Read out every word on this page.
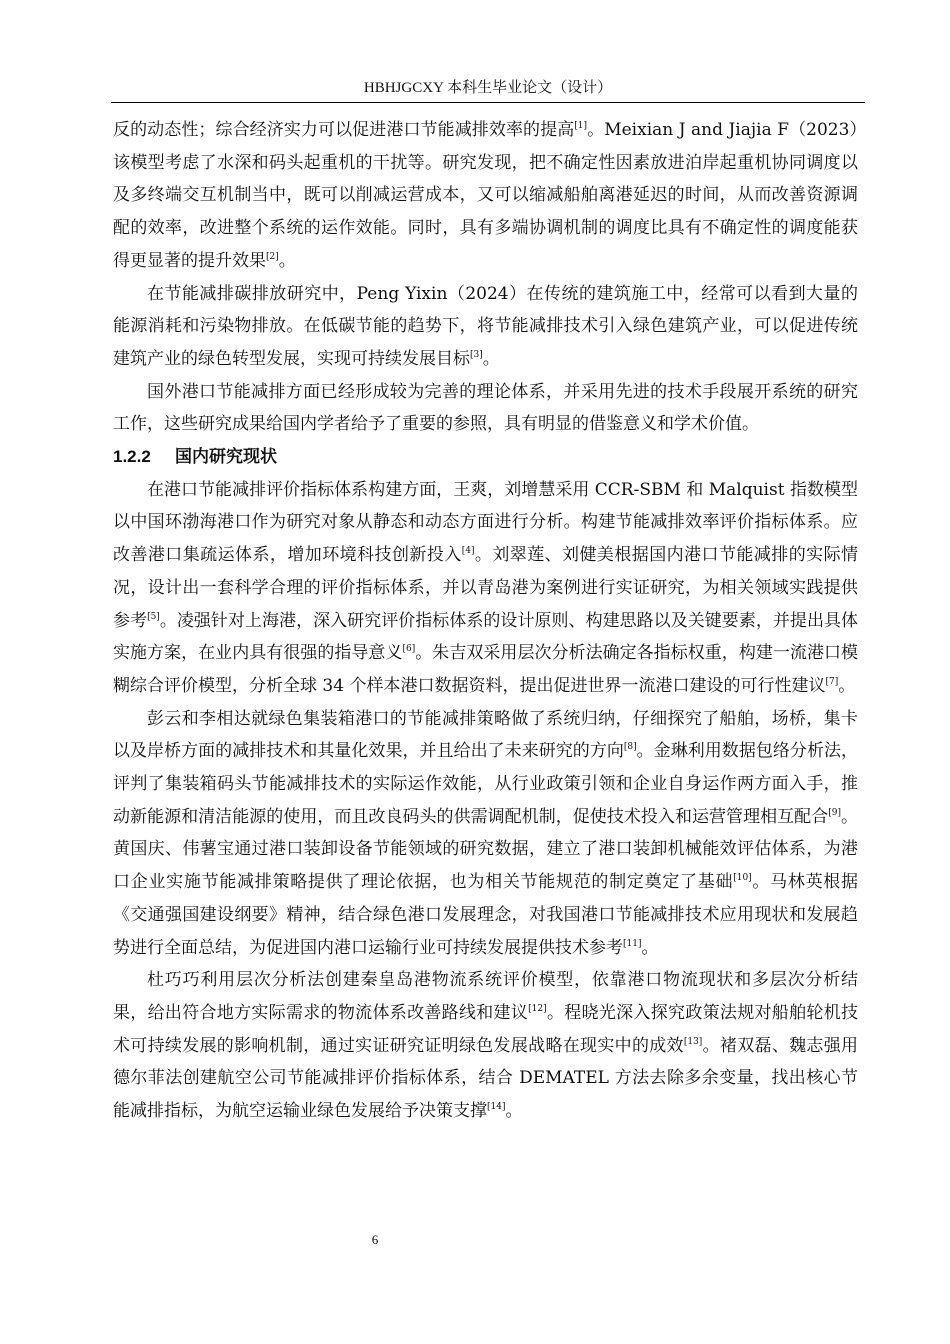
HBHJGCXY 本科生毕业论文（设计）

反的动态性；综合经济实力可以促进港口节能减排效率的提高[1]。Meixian J and Jiajia F（2023）该模型考虑了水深和码头起重机的干扰等。研究发现，把不确定性因素放进泊岸起重机协同调度以及多终端交互机制当中，既可以削减运营成本，又可以缩减船舶离港延迟的时间，从而改善资源调配的效率，改进整个系统的运作效能。同时，具有多端协调机制的调度比具有不确定性的调度能获得更显著的提升效果[2]。

在节能减排碳排放研究中，Peng Yixin（2024）在传统的建筑施工中，经常可以看到大量的能源消耗和污染物排放。在低碳节能的趋势下，将节能减排技术引入绿色建筑产业，可以促进传统建筑产业的绿色转型发展，实现可持续发展目标[3]。

国外港口节能减排方面已经形成较为完善的理论体系，并采用先进的技术手段展开系统的研究工作，这些研究成果给国内学者给予了重要的参照，具有明显的借鉴意义和学术价值。

1.2.2 国内研究现状

在港口节能减排评价指标体系构建方面，王爽，刘增慧采用 CCR-SBM 和 Malquist 指数模型以中国环渤海港口作为研究对象从静态和动态方面进行分析。构建节能减排效率评价指标体系。应改善港口集疏运体系，增加环境科技创新投入[4]。刘翠莲、刘健美根据国内港口节能减排的实际情况，设计出一套科学合理的评价指标体系，并以青岛港为案例进行实证研究，为相关领域实践提供参考[5]。凌强针对上海港，深入研究评价指标体系的设计原则、构建思路以及关键要素，并提出具体实施方案，在业内具有很强的指导意义[6]。朱吉双采用层次分析法确定各指标权重，构建一流港口模糊综合评价模型，分析全球 34 个样本港口数据资料，提出促进世界一流港口建设的可行性建议[7]。

彭云和李相达就绿色集装箱港口的节能减排策略做了系统归纳，仔细探究了船舶，场桥，集卡以及岸桥方面的减排技术和其量化效果，并且给出了未来研究的方向[8]。金琳利用数据包络分析法，评判了集装箱码头节能减排技术的实际运作效能，从行业政策引领和企业自身运作两方面入手，推动新能源和清洁能源的使用，而且改良码头的供需调配机制，促使技术投入和运营管理相互配合[9]。 黄国庆、伟薯宝通过港口装卸设备节能领域的研究数据，建立了港口装卸机械能效评估体系，为港口企业实施节能减排策略提供了理论依据，也为相关节能规范的制定奠定了基础[10]。马林英根据《交通强国建设纲要》精神，结合绿色港口发展理念，对我国港口节能减排技术应用现状和发展趋势进行全面总结，为促进国内港口运输行业可持续发展提供技术参考[11]。

杜巧巧利用层次分析法创建秦皇岛港物流系统评价模型，依靠港口物流现状和多层次分析结果，给出符合地方实际需求的物流体系改善路线和建议[12]。程晓光深入探究政策法规对船舶轮机技术可持续发展的影响机制，通过实证研究证明绿色发展战略在现实中的成效[13]。褚双磊、魏志强用德尔菲法创建航空公司节能减排评价指标体系，结合 DEMATEL 方法去除多余变量，找出核心节能减排指标，为航空运输业绿色发展给予决策支撑[14]。

6
